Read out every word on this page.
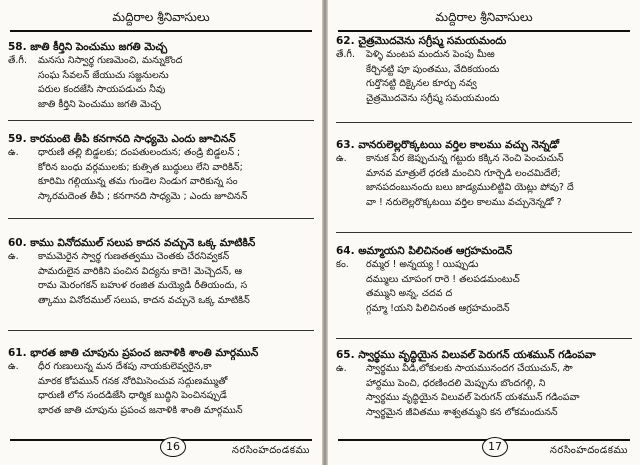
మద్దిరాల శ్రీనివాసులు
58. జాతి కీర్తిని పెంచుము జగతి మెచ్చ
తే.గీ. మనసు నిస్వార్థ గుణమెంచి, మన్నుకొంద
సంఘ సేవలన్ జేయుచు సజ్జనులను
పరుల కందజేసి సాయపడుచు నీవు
జాతి కీర్తిని పెంచుము జగతి మెచ్చ
59. కారమంటె తీపి కనగానది సాధ్యమె ఎందు జూచినన్
ఉ. ధారుణి తల్లి బిడ్డలకు; దంపతులందున; తండ్రి బిడ్డలన్ ;
కోరిన బంధు వర్గములకు; కుత్సిత బుద్ధులు లేని వారికిన్;
కూరిమి గల్గియున్న తమ గుండెల నిండుగ వారికున్న సం
స్కారమదెంత తీపి ; కనగానది సాధ్యమె ; ఎందు జూచినన్
60. కాము వినోదముల్ సలుప కాదన వచ్చునె ఒక్క మాటికిన్
ఉ. కామమెరైన స్వార్థ గుణతత్వము చెంతకు చేరనివ్వకన్
పామరులైన వారికిని పంచిన విద్యను కాదె! మెచ్చెదన్, ఆ
రామ మెరంగకన్ బహుళ రంజిత మయ్యెడి రీతియందు, స
త్కాము వినోదముల్ సలుప, కాదన వచ్చునె ఒక్క మాటికిన్
61. భారత జాతి చూపును ప్రపంచ జనాళికి శాంతి మార్గమున్
ఉ. ధీర గుణులున్న మన దేశపు నాయకులెవ్వరైన,కా
మారక కోపమున్ గనక నోరిమిసెంచువ సద్గుణమ్ముతో
ధారుణి లోన సందడిజేసి ధార్మిక బుద్ధిని పెంచినప్పుడే
భారత జాతి చూపును ప్రపంచ జనాళికి శాంతి మార్గమున్
16	నరసింహదండకము
మద్దిరాల శ్రీనివాసులు
62. చైత్రమొదవెను సగ్రీష్మ సమయమందు
తే.గీ. పెళ్ళి మంటప మందున పెంపు మీఱ
కేర్చినట్టి పూ పుంతము, వేదికయందు
గుర్తొనట్టి దిక్కైనల కూర్చు నవ్వ
చైత్రమొదవెను సగ్రీష్మ సమయమందు
63. వానరులెల్లరొక్కటయి వర్తిల కాలము వచ్చు నెన్నడో
ఉ. కానుక పేర జెప్పుచున్న గట్టురు కక్కిన నెంచి పెంచుచున్
మానవ మాత్రులే ధరణి మంచిని గూర్చెడి లంచమిదేలే;
జానపదంబునందు బలు జాడ్యములిట్టివి యెట్లు పోవు? దే
వా ! నరులెల్లరొక్కటయి వర్తిల కాలము వచ్చునెన్నడో ?
64. అమ్మాయని పిలిచినంత ఆగ్రహమందెన్
కం. రమ్మర ! అన్నయ్య ! యిప్పుడు
దమ్ములు చూపంగ రారె ! తలపడమంటుచ్
తమ్ముని అన్న, చదవ ద
గ్గమ్మా !యని పిలిచినంత ఆగ్రహమందెన్
65. స్వార్థము వృద్ధియైన విలువల్ పెరుగన్ యశమున్ గడింపవా
ఉ. స్వార్థము వీడి,లోకులకు సాయమునందగ చేయుచున్, సౌ
హార్దము పెంచి, ధరణిందలి మెప్పును బొందగల్గి, ని
స్వార్థము వృద్ధియైన విలువల్ పెరుగన్ యశమున్ గడింపవా
స్వార్థమైన జీవితము శాశ్వతమ్మని కన లోకమందునన్
17	నరసింహదండకము
